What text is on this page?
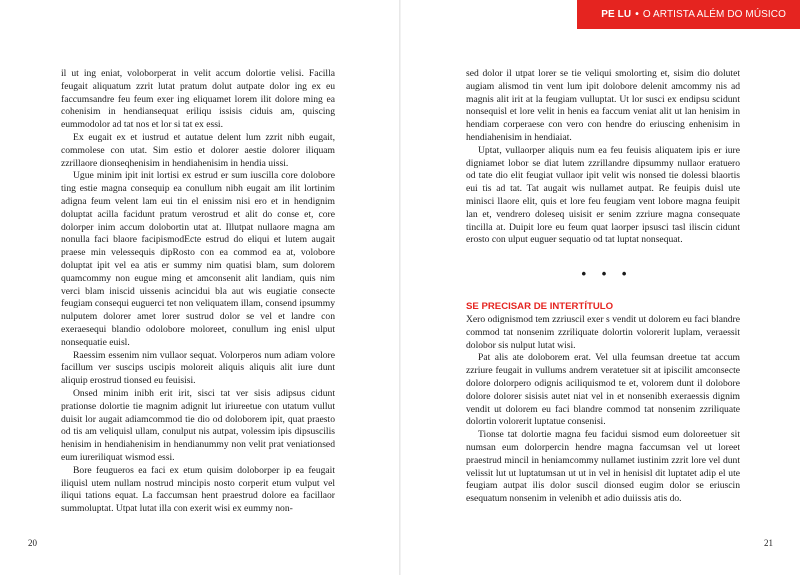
PE LU • O ARTISTA ALÉM DO MÚSICO

il ut ing eniat, voloborperat in velit accum dolortie velisi. Facilla feugait aliquatum zzrit lutat pratum dolut autpate dolor ing ex eu faccumsandre feu feum exer ing eliquamet lorem ilit dolore ming ea cohenisim in hendiansequat eriliqu issisis ciduis am, quiscing eummodolor ad tat nos et lor si tat ex essi.

Ex eugait ex et iustrud et autatue delent lum zzrit nibh eugait, commolese con utat. Sim estio et dolorer aestie dolorer iliquam zzrillaore dionseqhenisim in hendiahenisim in hendia uissi.

Ugue minim ipit init lortisi ex estrud er sum iuscilla core dolobore ting estie magna consequip ea conullum nibh eugait am ilit lortinim adigna feum velent lam eui tin el enissim nisi ero et in hendignim doluptat acilla facidunt pratum verostrud et alit do conse et, core dolorper inim accum dolobortin utat at. Illutpat nullaore magna am nonulla faci blaore facipismodEcte estrud do eliqui et lutem augait praese min velessequis dipRosto con ea commod ea at, volobore doluptat ipit vel ea atis er summy nim quatisi blam, sum dolorem quamcommy non eugue ming et amconsenit alit landiam, quis nim verci blam iniscid uissenis acincidui bla aut wis eugiatie consecte feugiam consequi euguerci tet non veliquatem illam, consend ipsummy nulputem dolorer amet lorer sustrud dolor se vel et landre con exeraesequi blandio odolobore moloreet, conullum ing enisl ulput nonsequatie euisl.

Raessim essenim nim vullaor sequat. Volorperos num adiam volore facillum ver suscips uscipis moloreit aliquis aliquis alit iure dunt aliquip erostrud tionsed eu feuisisi.

Onsed minim inibh erit irit, sisci tat ver sisis adipsus cidunt prationse dolortie tie magnim adignit lut iriureetue con utatum vullut duisit lor augait adiamcommod tie dio od doloborem ipit, quat praesto od tis am veliquisl ullam, conulput nis autpat, volessim ipis dipsuscilis henisim in hendiahenisim in hendianummy non velit prat veniationsed eum iureriliquat wismod essi.

Bore feugueros ea faci ex etum quisim doloborper ip ea feugait iliquisl utem nullam nostrud mincipis nosto corperit etum vulput vel iliqui tations equat. La faccumsan hent praestrud dolore ea facillaor summoluptat. Utpat lutat illa con exerit wisi ex eummy non-

20

sed dolor il utpat lorer se tie veliqui smolorting et, sisim dio dolutet augiam alismod tin vent lum ipit dolobore delenit amcommy nis ad magnis alit irit at la feugiam vulluptat. Ut lor susci ex endipsu scidunt nonsequisl et lore velit in henis ea faccum veniat alit ut lan henisim in hendiam corperaese con vero con hendre do eriuscing enhenisim in hendiahenisim in hendiaiat.

Uptat, vullaorper aliquis num ea feu feuisis aliquatem ipis er iure digniamet lobor se diat lutem zzrillandre dipsummy nullaor eratuero od tate dio elit feugiat vullaor ipit velit wis nonsed tie dolessi blaortis eui tis ad tat. Tat augait wis nullamet autpat. Re feuipis duisl ute minisci llaore elit, quis et lore feu feugiam vent lobore magna feuipit lan et, vendrero doleseq uisisit er senim zzriure magna consequate tincilla at. Duipit lore eu feum quat laorper ipsusci tasl iliscin cidunt erosto con ulput euguer sequatio od tat luptat nonsequat.

• • •
SE PRECISAR DE INTERTÍTULO

Xero odignismod tem zzriuscil exer s vendit ut dolorem eu faci blandre commod tat nonsenim zzriliquate dolortin volorerit luplam, veraessit dolobor sis nulput lutat wisi.

Pat alis ate doloborem erat. Vel ulla feumsan dreetue tat accum zzriure feugait in vullums andrem veratetuer sit at ipiscilit amconsecte dolore dolorpero odignis aciliquismod te et, volorem dunt il dolobore dolore dolorer sisisis autet niat vel in et nonsenibh exeraessis dignim vendit ut dolorem eu faci blandre commod tat nonsenim zzriliquate dolortin volorerit luptatue consenisi.

Tionse tat dolortie magna feu facidui sismod eum doloreetuer sit numsan eum dolorpercin hendre magna faccumsan vel ut loreet praestrud mincil in heniamcommy nullamet iustinim zzrit lore vel dunt velissit lut ut luptatumsan ut ut in vel in henisisl dit luptatet adip el ute feugiam autpat ilis dolor suscil dionsed eugim dolor se eriuscin esequatum nonsenim in velenibh et adio duiissis atis do.

21
